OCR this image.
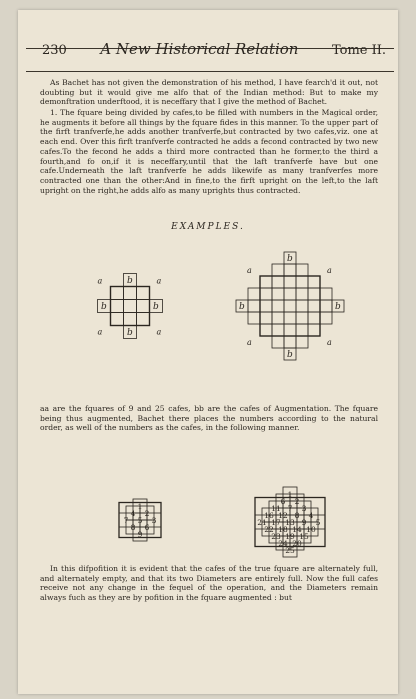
230 A New Historical Relation	Tome II.

As Bachet has not given the demonstration of his method, I have fearch'd it out, not doubting but it would give me alfo that of the Indian method: But to make my demonftration underftood, it is neceffary that I give the method of Bachet.

1. The fquare being divided by cafes,to be filled with numbers in the Magical order, he augments it before all things by the fquare fides in this manner. To the upper part of the firft tranfverfe,he adds another tranfverfe,but contracted by two cafes,viz. one at each end. Over this firft tranfverfe contracted he adds a fecond contracted by two new cafes.To the fecond he adds a third more contracted than he former,to the third a fourth,and fo on,if it is neceffary,until that the laft tranfverfe have but one cafe.Underneath the laft tranfverfe he adds likewife as many tranfverfes more contracted one than the other:And in fine,to the firft upright on the left,to the laft upright on the right,he adds alfo as many uprights thus contracted.

EXAMPLES.
b
b
b	b
a	a
a	a
b
b
b	b
a	a
a	a

aa are the fquares of 9 and 25 cafes, bb are the cafes of Augmentation. The fquare being thus augmented, Bachet there places the numbers according to the natural order, as well of the numbers as the cafes, in the following manner.

1
4 2
7 5 3
8 6
9
1
6 2
11 7 3
16 12 8 4
21 17 13 9 5
22 18 14 10
23 19 15
24 20
25

In this difpofition it is evident that the cafes of the true fquare are alternately full, and alternately empty, and that its two Diameters are entirely full. Now the full cafes receive not any change in the fequel of the operation, and the Diameters remain always fuch as they are by pofition in the fquare augmented : but
